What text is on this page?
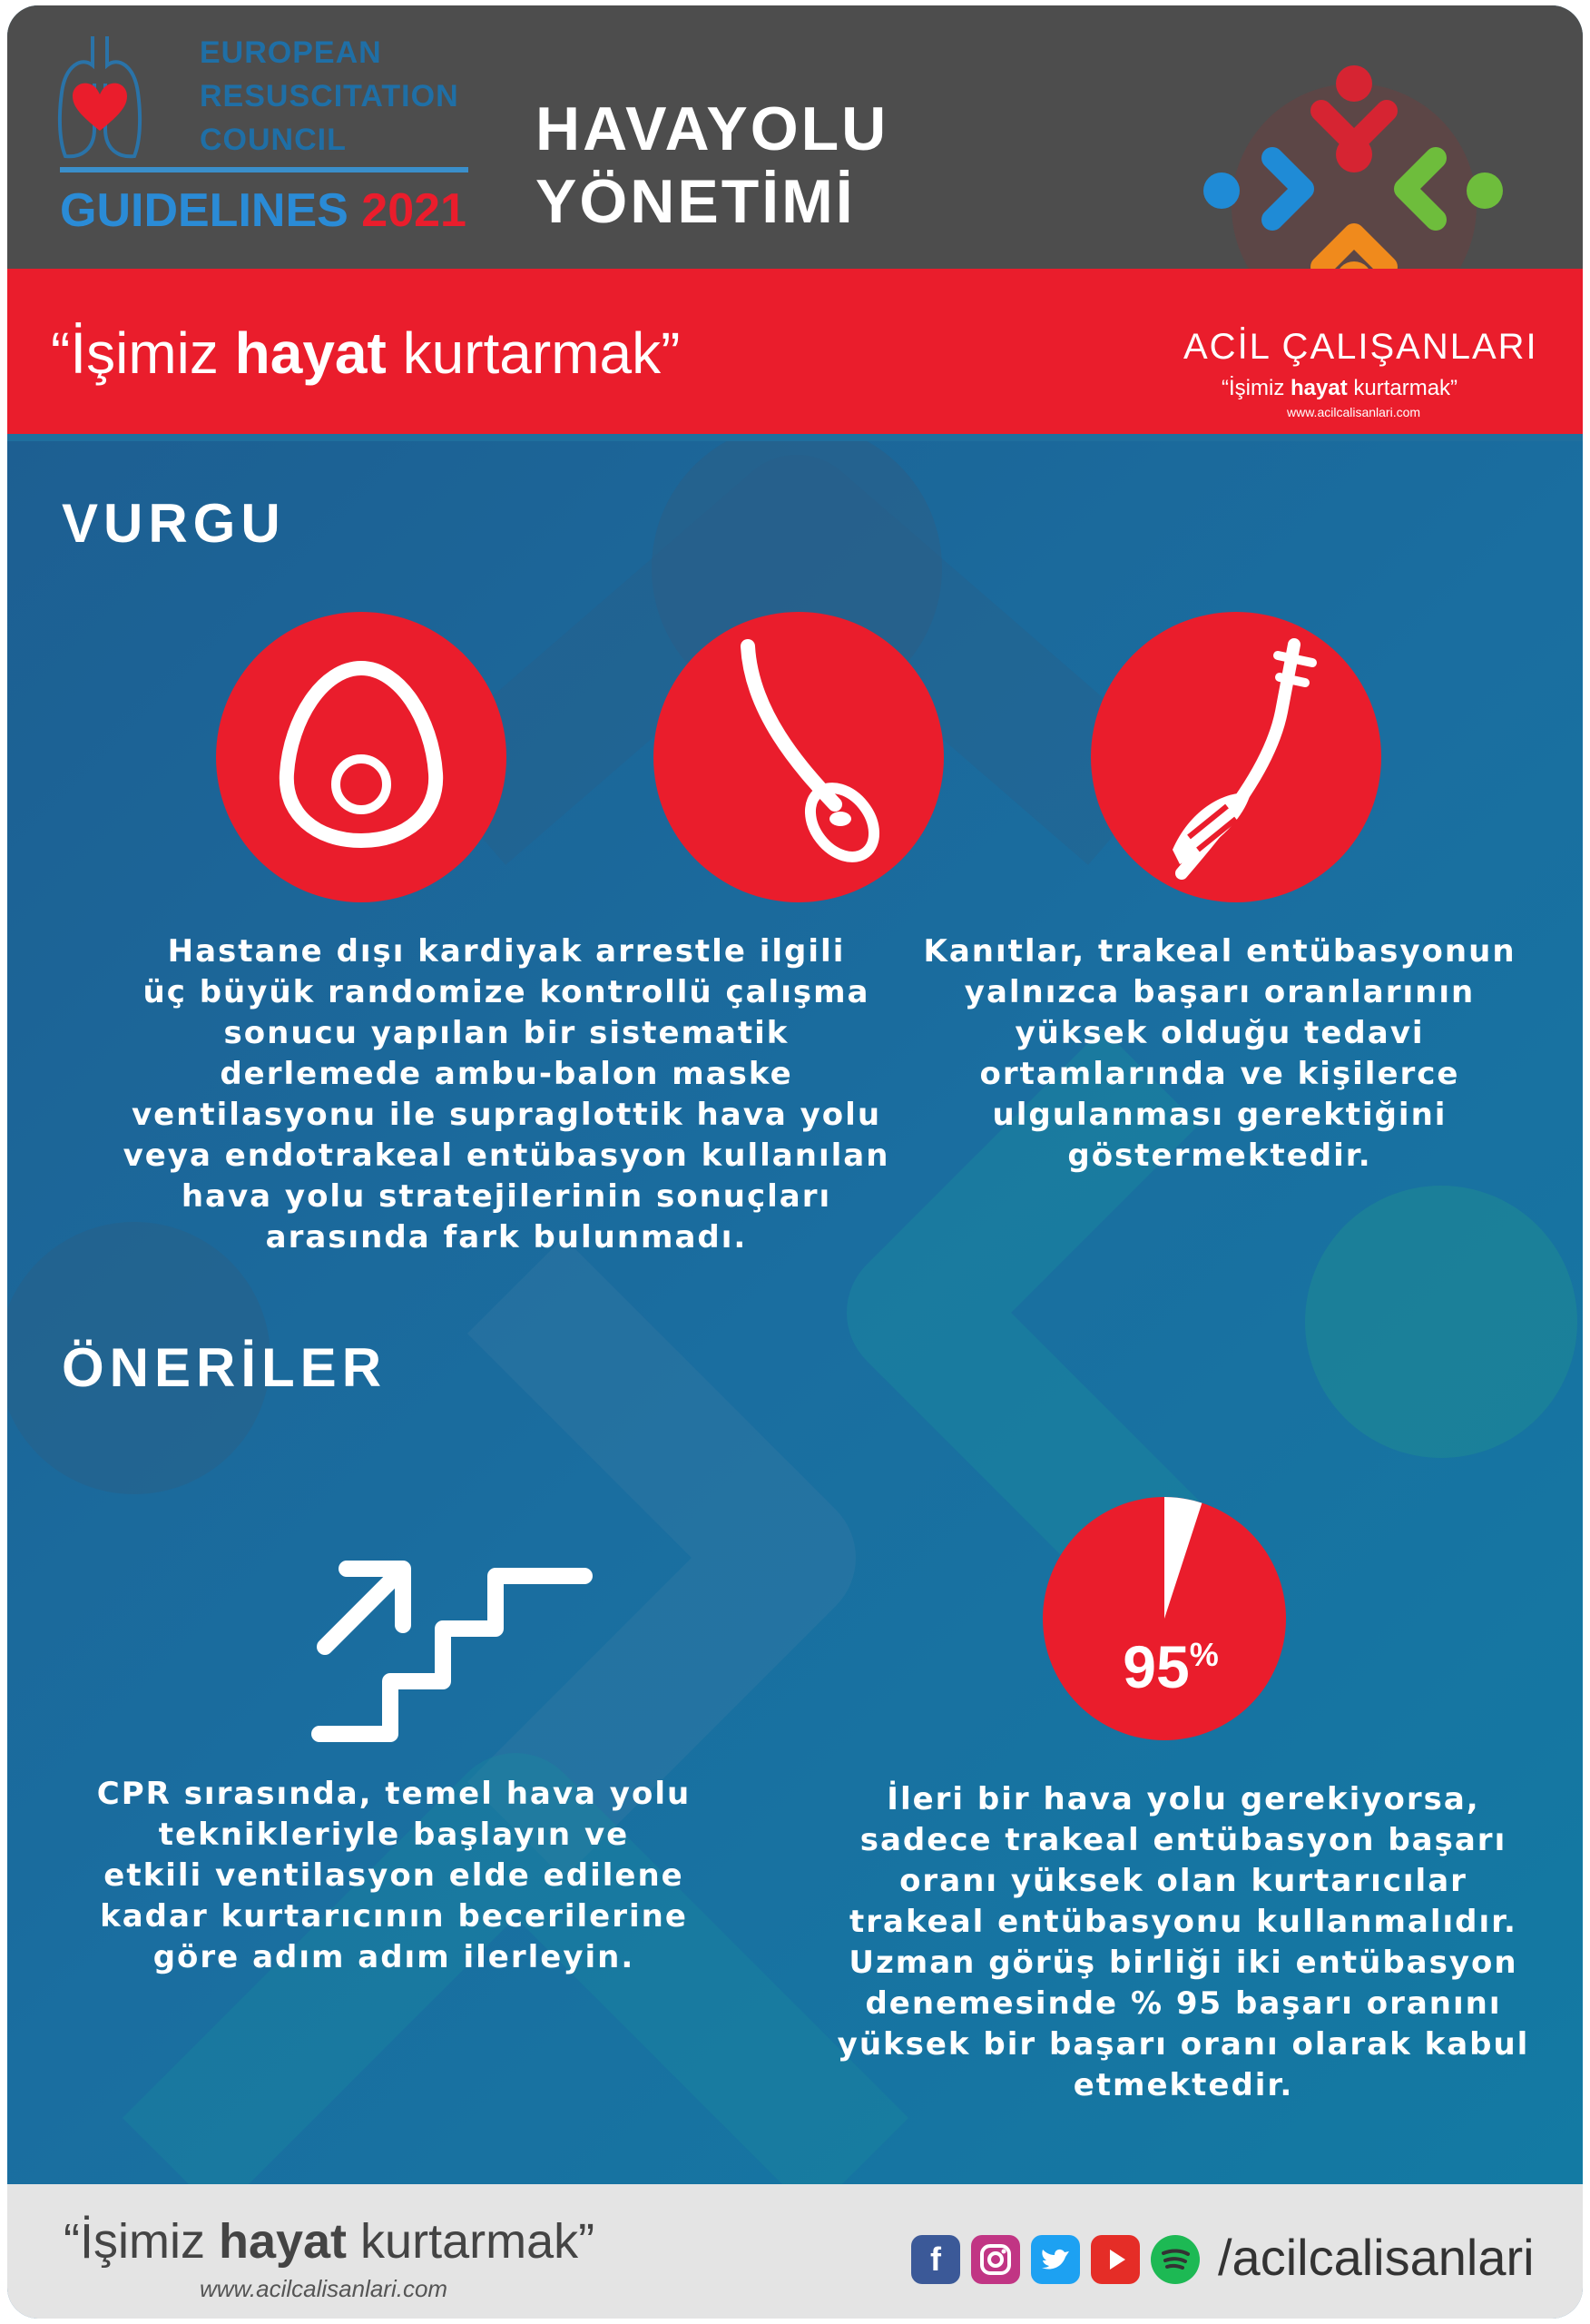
EUROPEAN
RESUSCITATION
COUNCIL
GUIDELINES 2021
HAVAYOLU
YÖNETİMİ
“İşimiz hayat kurtarmak”	ACİL ÇALIŞANLARI
“İşimiz hayat kurtarmak”
www.acilcalisanlari.com
VURGU
Hastane dışı kardiyak arrestle ilgili
üç büyük randomize kontrollü çalışma
sonucu yapılan bir sistematik
derlemede ambu-balon maske
ventilasyonu ile supraglottik hava yolu
veya endotrakeal entübasyon kullanılan
hava yolu stratejilerinin sonuçları
arasında fark bulunmadı.
Kanıtlar, trakeal entübasyonun
yalnızca başarı oranlarının
yüksek olduğu tedavi
ortamlarında ve kişilerce
ulgulanması gerektiğini
göstermektedir.
ÖNERİLER
95%
CPR sırasında, temel hava yolu
teknikleriyle başlayın ve
etkili ventilasyon elde edilene
kadar kurtarıcının becerilerine
göre adım adım ilerleyin.
İleri bir hava yolu gerekiyorsa,
sadece trakeal entübasyon başarı
oranı yüksek olan kurtarıcılar
trakeal entübasyonu kullanmalıdır.
Uzman görüş birliği iki entübasyon
denemesinde % 95 başarı oranını
yüksek bir başarı oranı olarak kabul
etmektedir.
“İşimiz hayat kurtarmak”
www.acilcalisanlari.com
f	/acilcalisanlari
